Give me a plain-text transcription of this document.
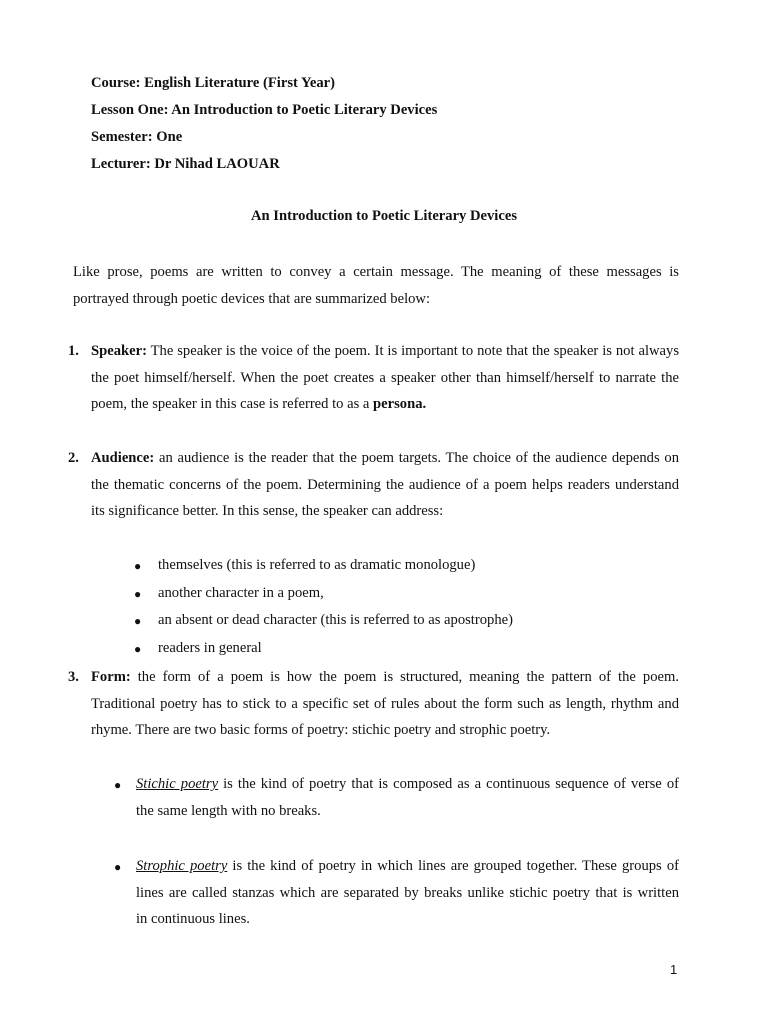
Course: English Literature (First Year)
Lesson One: An Introduction to Poetic Literary Devices
Semester: One
Lecturer: Dr Nihad LAOUAR
An Introduction to Poetic Literary Devices
Like prose, poems are written to convey a certain message. The meaning of these messages is
portrayed through poetic devices that are summarized below:
1. Speaker: The speaker is the voice of the poem. It is important to note that the speaker is not always
the poet himself/herself. When the poet creates a speaker other than himself/herself to narrate the
poem, the speaker in this case is referred to as a persona.
2. Audience: an audience is the reader that the poem targets. The choice of the audience depends on
the thematic concerns of the poem. Determining the audience of a poem helps readers understand
its significance better. In this sense, the speaker can address:
● themselves (this is referred to as dramatic monologue)
● another character in a poem,
● an absent or dead character (this is referred to as apostrophe)
● readers in general
3. Form: the form of a poem is how the poem is structured, meaning the pattern of the poem.
Traditional poetry has to stick to a specific set of rules about the form such as length, rhythm and
rhyme. There are two basic forms of poetry: stichic poetry and strophic poetry.
● Stichic poetry is the kind of poetry that is composed as a continuous sequence of verse of
the same length with no breaks.
● Strophic poetry is the kind of poetry in which lines are grouped together. These groups of
lines are called stanzas which are separated by breaks unlike stichic poetry that is written
in continuous lines.
1
